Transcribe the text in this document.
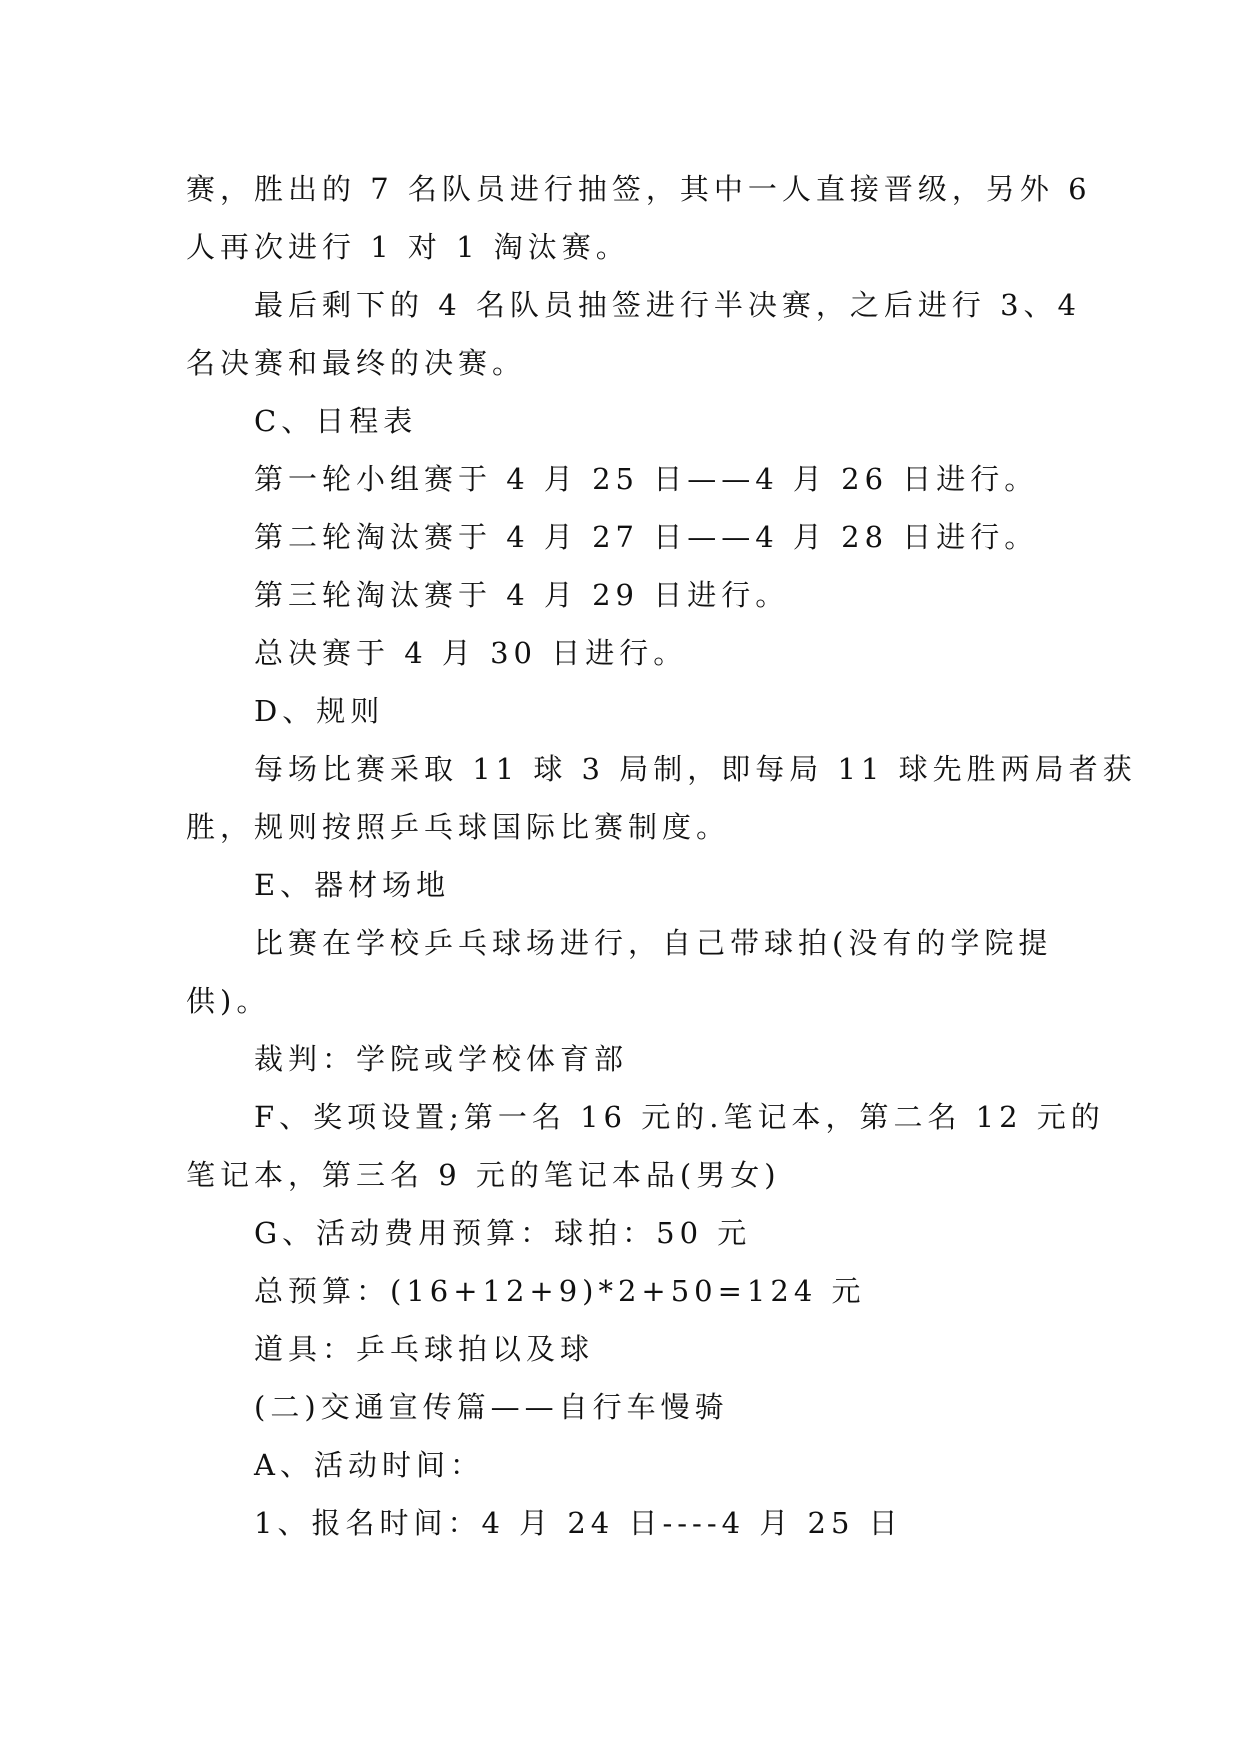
赛，胜出的 7 名队员进行抽签，其中一人直接晋级，另外 6
人再次进行 1 对 1 淘汰赛。
最后剩下的 4 名队员抽签进行半决赛，之后进行 3、4
名决赛和最终的决赛。
C、日程表
第一轮小组赛于 4 月 25 日——4 月 26 日进行。
第二轮淘汰赛于 4 月 27 日——4 月 28 日进行。
第三轮淘汰赛于 4 月 29 日进行。
总决赛于 4 月 30 日进行。
D、规则
每场比赛采取 11 球 3 局制，即每局 11 球先胜两局者获
胜，规则按照乒乓球国际比赛制度。
E、器材场地
比赛在学校乒乓球场进行，自己带球拍(没有的学院提
供)。
裁判：学院或学校体育部
F、奖项设置;第一名 16 元的.笔记本，第二名 12 元的
笔记本，第三名 9 元的笔记本品(男女)
G、活动费用预算：球拍：50 元
总预算：(16+12+9)*2+50=124 元
道具：乒乓球拍以及球
(二)交通宣传篇——自行车慢骑
A、活动时间：
1、报名时间：4 月 24 日----4 月 25 日
